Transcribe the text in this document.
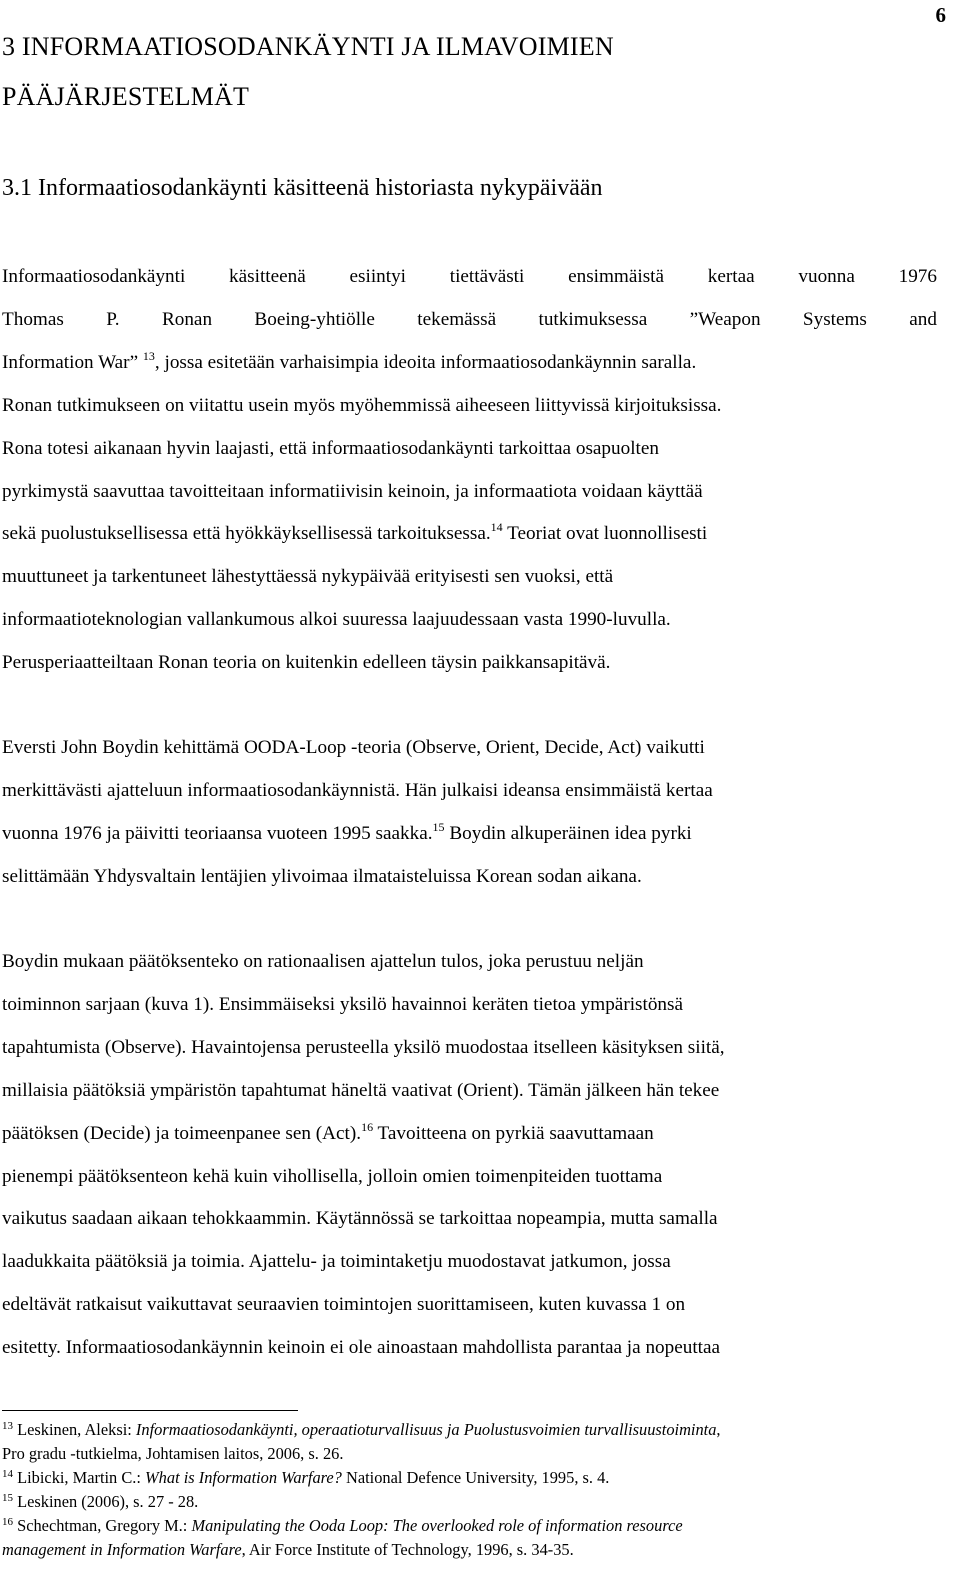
6
3 INFORMAATIOSODANKÄYNTI JA ILMAVOIMIEN
PÄÄJÄRJESTELMÄT
3.1 Informaatiosodankäynti käsitteenä historiasta nykypäivään
Informaatiosodankäynti käsitteenä esiintyi tiettävästi ensimmäistä kertaa vuonna 1976
Thomas P. Ronan Boeing-yhtiölle tekemässä tutkimuksessa ”Weapon Systems and
Information War” $^{13}$, jossa esitetään varhaisimpia ideoita informaatiosodankäynnin saralla.
Ronan tutkimukseen on viitattu usein myös myöhemmissä aiheeseen liittyvissä kirjoituksissa.
Rona totesi aikanaan hyvin laajasti, että informaatiosodankäynti tarkoittaa osapuolten
pyrkimystä saavuttaa tavoitteitaan informatiivisin keinoin, ja informaatiota voidaan käyttää
sekä puolustuksellisessa että hyökkäyksellisessä tarkoituksessa.$^{14}$ Teoriat ovat luonnollisesti
muuttuneet ja tarkentuneet lähestyttäessä nykypäivää erityisesti sen vuoksi, että
informaatioteknologian vallankumous alkoi suuressa laajuudessaan vasta 1990-luvulla.
Perusperiaatteiltaan Ronan teoria on kuitenkin edelleen täysin paikkansapitävä.
Eversti John Boydin kehittämä OODA-Loop -teoria (Observe, Orient, Decide, Act) vaikutti
merkittävästi ajatteluun informaatiosodankäynnistä. Hän julkaisi ideansa ensimmäistä kertaa
vuonna 1976 ja päivitti teoriaansa vuoteen 1995 saakka.$^{15}$ Boydin alkuperäinen idea pyrki
selittämään Yhdysvaltain lentäjien ylivoimaa ilmataisteluissa Korean sodan aikana.
Boydin mukaan päätöksenteko on rationaalisen ajattelun tulos, joka perustuu neljän
toiminnon sarjaan (kuva 1). Ensimmäiseksi yksilö havainnoi keräten tietoa ympäristönsä
tapahtumista (Observe). Havaintojensa perusteella yksilö muodostaa itselleen käsityksen siitä,
millaisia päätöksiä ympäristön tapahtumat häneltä vaativat (Orient). Tämän jälkeen hän tekee
päätöksen (Decide) ja toimeenpanee sen (Act).$^{16}$ Tavoitteena on pyrkiä saavuttamaan
pienempi päätöksenteon kehä kuin vihollisella, jolloin omien toimenpiteiden tuottama
vaikutus saadaan aikaan tehokkaammin. Käytännössä se tarkoittaa nopeampia, mutta samalla
laadukkaita päätöksiä ja toimia. Ajattelu- ja toimintaketju muodostavat jatkumon, jossa
edeltävät ratkaisut vaikuttavat seuraavien toimintojen suorittamiseen, kuten kuvassa 1 on
esitetty. Informaatiosodankäynnin keinoin ei ole ainoastaan mahdollista parantaa ja nopeuttaa
$^{13}$ Leskinen, Aleksi: Informaatiosodankäynti, operaatioturvallisuus ja Puolustusvoimien turvallisuustoiminta,
Pro gradu -tutkielma, Johtamisen laitos, 2006, s. 26.
$^{14}$ Libicki, Martin C.: What is Information Warfare? National Defence University, 1995, s. 4.
$^{15}$ Leskinen (2006), s. 27 - 28.
$^{16}$ Schechtman, Gregory M.: Manipulating the Ooda Loop: The overlooked role of information resource
management in Information Warfare, Air Force Institute of Technology, 1996, s. 34-35.
